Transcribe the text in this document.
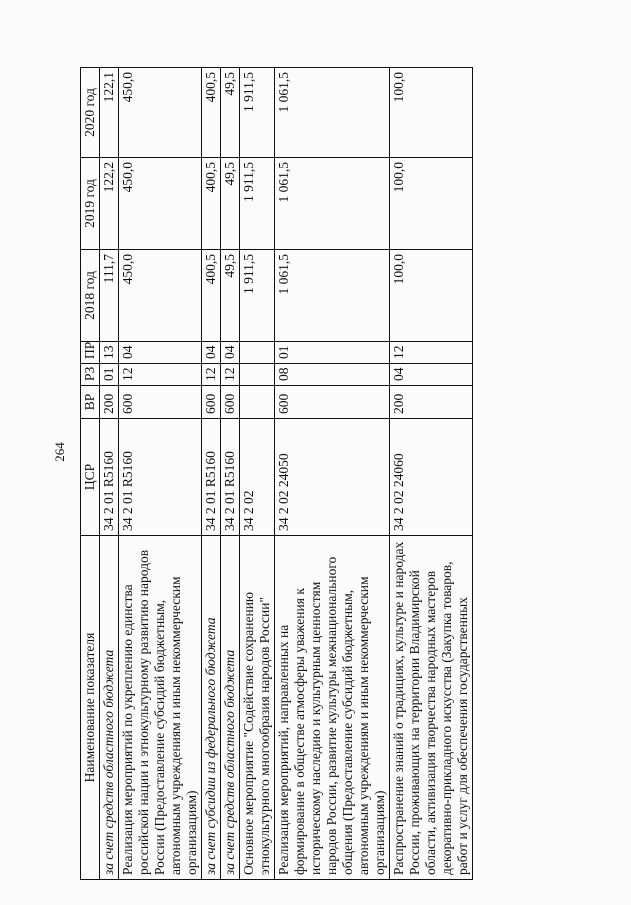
264
Наименование показателя	ЦСР	ВР	РЗ	ПР	2018 год	2019 год	2020 год
за счет средств областного бюджета	34 2 01 R5160	200	01	13	111,7	122,2	122,1
Реализация мероприятий по укреплению единства российской нации и этнокультурному развитию народов России (Предоставление субсидий бюджетным, автономным учреждениям и иным некоммерческим организациям)	34 2 01 R5160	600	12	04	450,0	450,0	450,0
за счет субсидии из федерального бюджета	34 2 01 R5160	600	12	04	400,5	400,5	400,5
за счет средств областного бюджета	34 2 01 R5160	600	12	04	49,5	49,5	49,5
Основное мероприятие "Содействие сохранению этнокультурного многообразия народов России"	34 2 02				1 911,5	1 911,5	1 911,5
Реализация мероприятий, направленных на формирование в обществе атмосферы уважения к историческому наследию и культурным ценностям народов России, развитие культуры межнационального общения (Предоставление субсидий бюджетным, автономным учреждениям и иным некоммерческим организациям)	34 2 02 24050	600	08	01	1 061,5	1 061,5	1 061,5
Распространение знаний о традициях, культуре и народах России, проживающих на территории Владимирской области, активизация творчества народных мастеров декоративно-прикладного искусства (Закупка товаров, работ и услуг для обеспечения государственных	34 2 02 24060	200	04	12	100,0	100,0	100,0
